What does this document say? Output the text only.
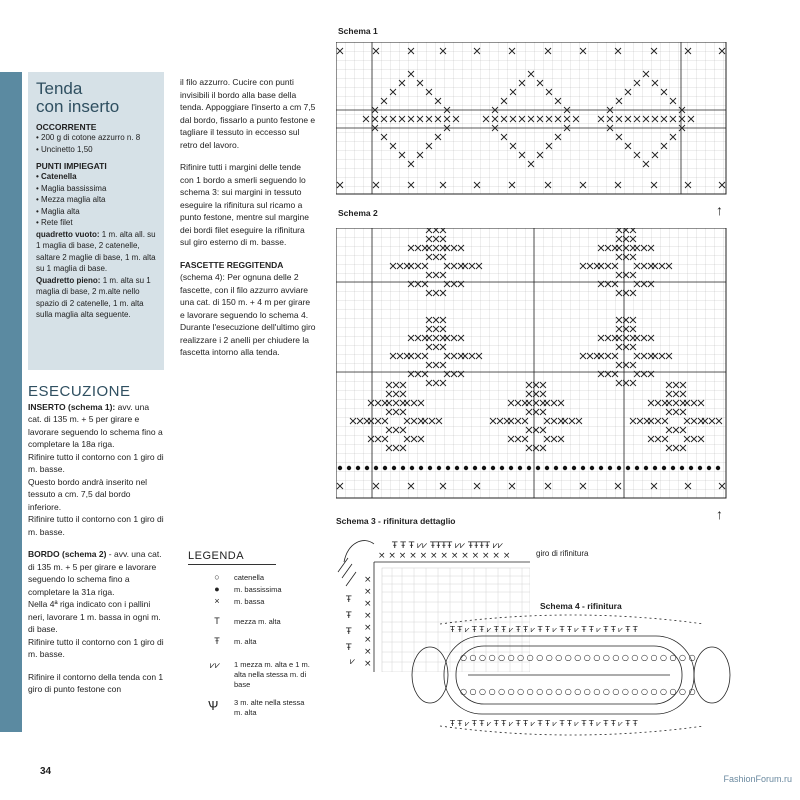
Tenda
con inserto
OCCORRENTE
• 200 g di cotone azzurro n. 8
• Uncinetto 1,50
PUNTI IMPIEGATI
• Catenella
• Maglia bassissima
• Mezza maglia alta
• Maglia alta
• Rete filet
quadretto vuoto: 1 m. alta all. su 1 maglia di base, 2 catenelle, saltare 2 maglie di base, 1 m. alta su 1 maglia di base.
Quadretto pieno: 1 m. alta su 1 maglia di base, 2 m.alte nello spazio di 2 catenelle, 1 m. alta sulla maglia alta seguente.
ESECUZIONE
INSERTO (schema 1): avv. una cat. di 135 m. + 5 per girare e lavorare seguendo lo schema fino a completare la 18a riga.
Rifinire tutto il contorno con 1 giro di m. basse.
Questo bordo andrà inserito nel tessuto a cm. 7,5 dal bordo inferiore.
Rifinire tutto il contorno con 1 giro di m. basse.
BORDO (schema 2) - avv. una cat. di 135 m. + 5 per girare e lavorare seguendo lo schema fino a completare la 31a riga.
Nella 4ª riga indicato con i pallini neri, lavorare 1 m. bassa in ogni m. di base.
Rifinire tutto il contorno con 1 giro di m. basse.
Rifinire il contorno della tenda con 1 giro di punto festone con
il filo azzurro. Cucire con punti invisibili il bordo alla base della tenda. Appoggiare l'inserto a cm 7,5 dal bordo, fissarlo a punto festone e tagliare il tessuto in eccesso sul retro del lavoro.
Rifinire tutti i margini delle tende con 1 bordo a smerli seguendo lo schema 3: sui margini in tessuto eseguire la rifinitura sul ricamo a punto festone, mentre sul margine dei bordi filet eseguire la rifinitura sul giro esterno di m. basse.
FASCETTE REGGITENDA
(schema 4): Per ognuna delle 2 fascette, con il filo azzurro avviare una cat. di 150 m. + 4 m per girare e lavorare seguendo lo schema 4.
Durante l'esecuzione dell'ultimo giro realizzare i 2 anelli per chiudere la fascetta intorno alla tenda.
Schema 1
Schema 2
Schema 3 - rifinitura dettaglio
Schema 4 - rifinitura
giro di rifinitura
↑
↑
× × × × × × × × × × × × ×
Ŧ Ŧ Ŧ ⩗⩗ ŦŦŦŦ ⩗⩗ ŦŦŦŦ ⩗⩗
×
×
×
×
×
×
×
×
Ŧ
Ŧ
Ŧ
Ŧ
⩗
Ŧ Ŧ ⩗ Ŧ Ŧ ⩗ Ŧ Ŧ ⩗ Ŧ Ŧ ⩗ Ŧ Ŧ ⩗ Ŧ Ŧ ⩗ Ŧ Ŧ ⩗ Ŧ Ŧ ⩗ Ŧ Ŧ
○ ○ ○ ○ ○ ○ ○ ○ ○ ○ ○ ○ ○ ○ ○ ○ ○ ○ ○ ○ ○ ○ ○ ○ ○
○ ○ ○ ○ ○ ○ ○ ○ ○ ○ ○ ○ ○ ○ ○ ○ ○ ○ ○ ○ ○ ○ ○ ○ ○
Ŧ Ŧ ⩗ Ŧ Ŧ ⩗ Ŧ Ŧ ⩗ Ŧ Ŧ ⩗ Ŧ Ŧ ⩗ Ŧ Ŧ ⩗ Ŧ Ŧ ⩗ Ŧ Ŧ ⩗ Ŧ Ŧ
LEGENDA
○	catenella
●	m. bassissima
×	m. bassa
T	mezza m. alta
Ŧ	m. alta
⩗⩗	1 mezza m. alta e 1 m. alta nella stessa m. di base
Ѱ	3 m. alte nella stessa m. alta
34
FashionForum.ru
